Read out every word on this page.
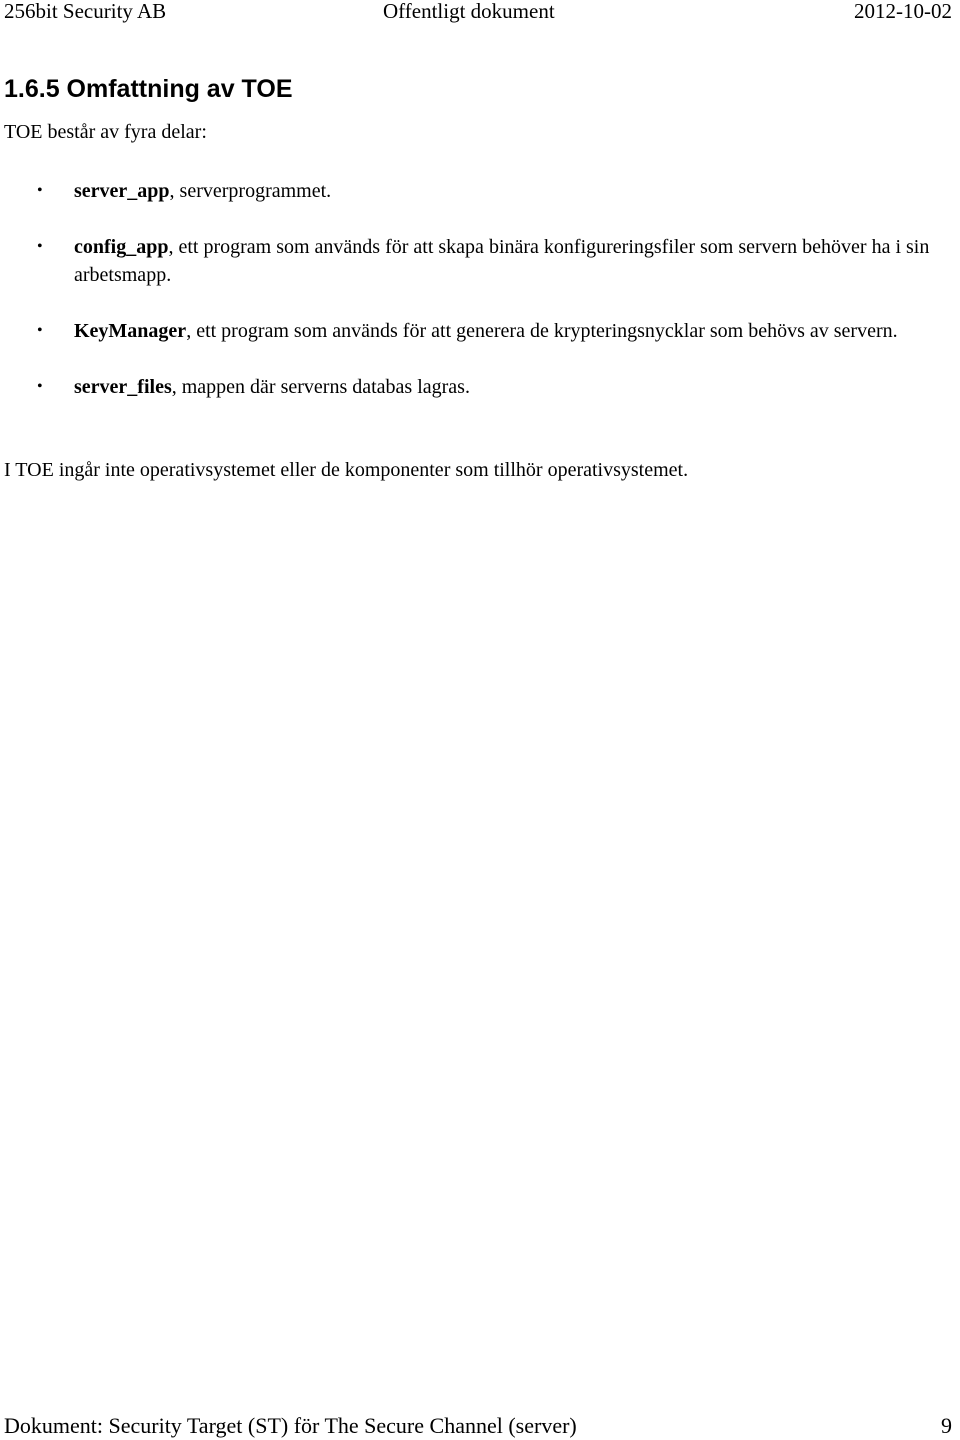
256bit Security AB	Offentligt dokument	2012-10-02
1.6.5 Omfattning av TOE

TOE består av fyra delar:

• server_app, serverprogrammet.
• config_app, ett program som används för att skapa binära konfigureringsfiler som servern behöver ha i sin arbetsmapp.
• KeyManager, ett program som används för att generera de krypteringsnycklar som behövs av servern.
• server_files, mappen där serverns databas lagras.

I TOE ingår inte operativsystemet eller de komponenter som tillhör operativsystemet.

Dokument: Security Target (ST) för The Secure Channel (server)	9
